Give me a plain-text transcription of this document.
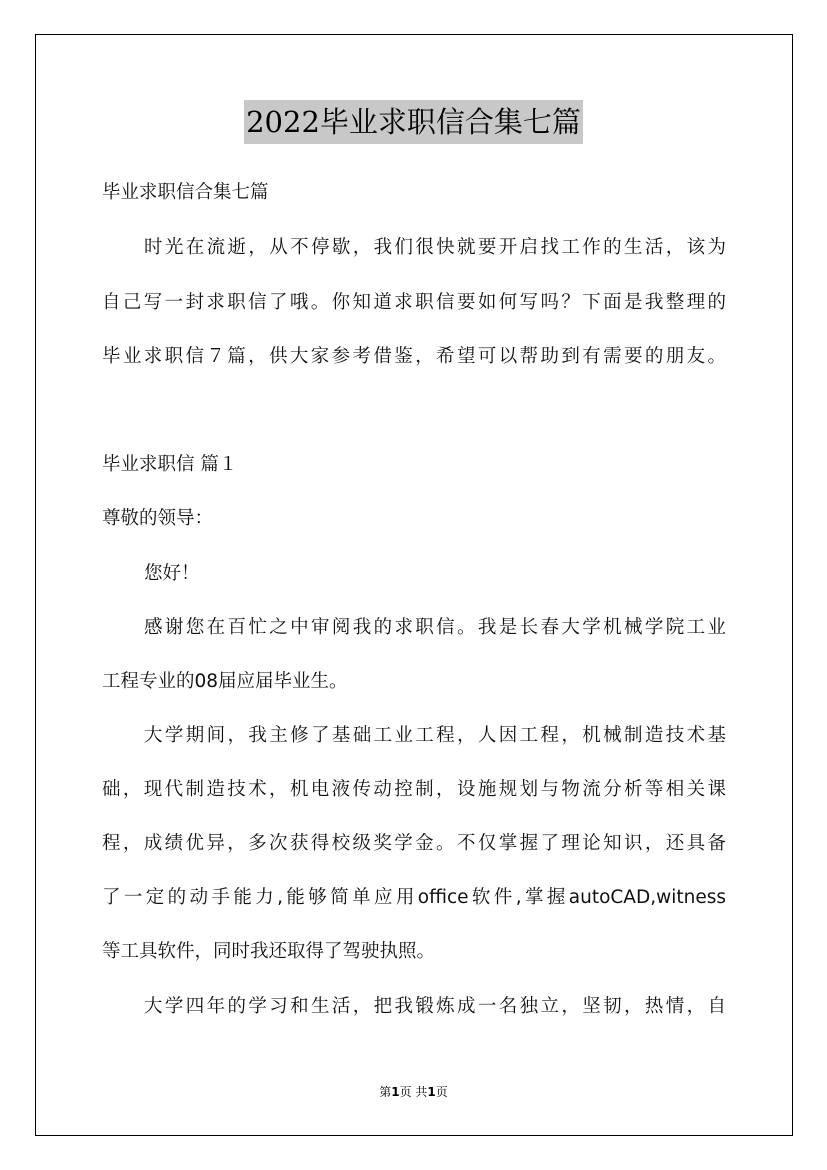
2022毕业求职信合集七篇
毕业求职信合集七篇
时光在流逝，从不停歇，我们很快就要开启找工作的生活，该为
自己写一封求职信了哦。你知道求职信要如何写吗？下面是我整理的
毕业求职信７篇，供大家参考借鉴，希望可以帮助到有需要的朋友。
毕业求职信 篇１
尊敬的领导：
您好！
感谢您在百忙之中审阅我的求职信。我是长春大学机械学院工业
工程专业的08届应届毕业生。
大学期间，我主修了基础工业工程，人因工程，机械制造技术基
础，现代制造技术，机电液传动控制，设施规划与物流分析等相关课
程，成绩优异，多次获得校级奖学金。不仅掌握了理论知识，还具备
了一定的动手能力,能够简单应用office软件,掌握autoCAD,witness
等工具软件，同时我还取得了驾驶执照。
大学四年的学习和生活，把我锻炼成一名独立，坚韧，热情，自
第1页 共1页
